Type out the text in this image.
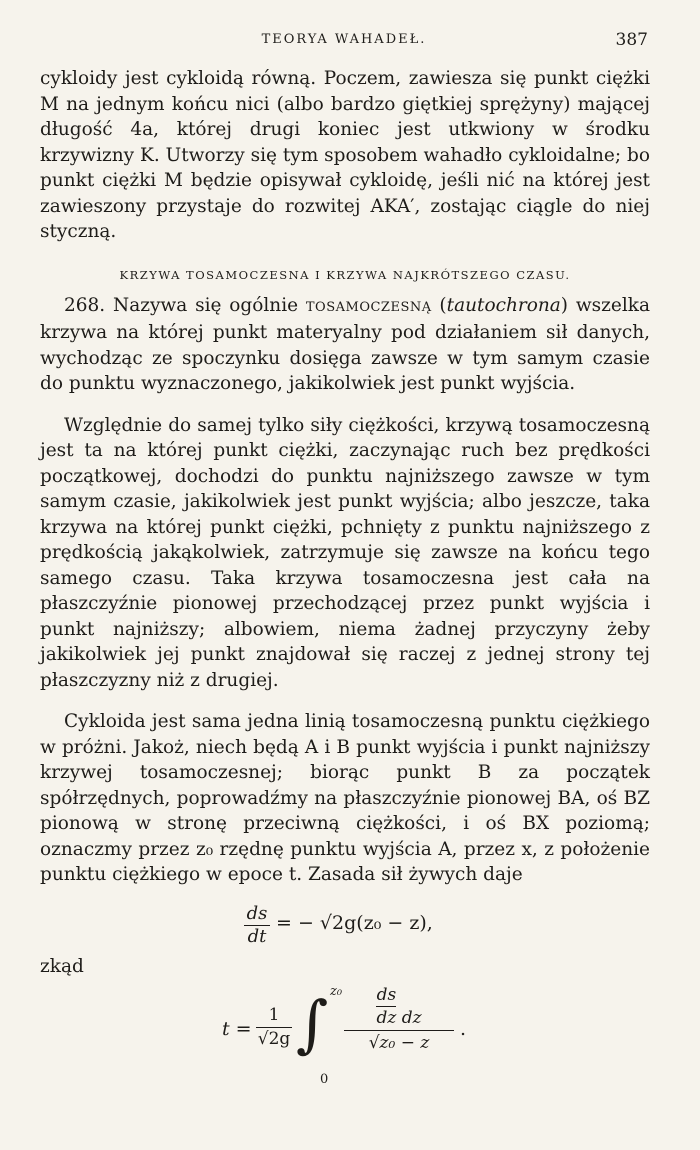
TEORYA WAHADEŁ.	387

cykloidy jest cykloidą równą. Poczem, zawiesza się punkt ciężki M na jednym końcu nici (albo bardzo giętkiej sprężyny) mającej długość 4a, której drugi koniec jest utkwiony w środku krzywizny K. Utworzy się tym sposobem wahadło cykloidalne; bo punkt ciężki M będzie opisywał cykloidę, jeśli nić na której jest zawieszony przystaje do rozwitej AKA′, zostając ciągle do niej styczną.

KRZYWA TOSAMOCZESNA I KRZYWA NAJKRÓTSZEGO CZASU.

268. Nazywa się ogólnie TOSAMOCZESNĄ (tautochrona) wszelka krzywa na której punkt materyalny pod działaniem sił danych, wychodząc ze spoczynku dosięga zawsze w tym samym czasie do punktu wyznaczonego, jakikolwiek jest punkt wyjścia.

Względnie do samej tylko siły ciężkości, krzywą tosamoczesną jest ta na której punkt ciężki, zaczynając ruch bez prędkości początkowej, dochodzi do punktu najniższego zawsze w tym samym czasie, jakikolwiek jest punkt wyjścia; albo jeszcze, taka krzywa na której punkt ciężki, pchnięty z punktu najniższego z prędkością jakąkolwiek, zatrzymuje się zawsze na końcu tego samego czasu. Taka krzywa tosamoczesna jest cała na płaszczyźnie pionowej przechodzącej przez punkt wyjścia i punkt najniższy; albowiem, niema żadnej przyczyny żeby jakikolwiek jej punkt znajdował się raczej z jednej strony tej płaszczyzny niż z drugiej.

Cykloida jest sama jedna linią tosamoczesną punktu ciężkiego w próżni. Jakoż, niech będą A i B punkt wyjścia i punkt najniższy krzywej tosamoczesnej; biorąc punkt B za początek spółrzędnych, poprowadźmy na płaszczyźnie pionowej BA, oś BZ pionową w stronę przeciwną ciężkości, i oś BX poziomą; oznaczmy przez z₀ rzędnę punktu wyjścia A, przez x, z położenie punktu ciężkiego w epoce t. Zasada sił żywych daje

ds
dt
= − √2g(z₀ − z),
zkąd
t =
1
√2g ∫ z₀
0
$\frac{ds}{dz}$ dz
√z₀ − z
.
